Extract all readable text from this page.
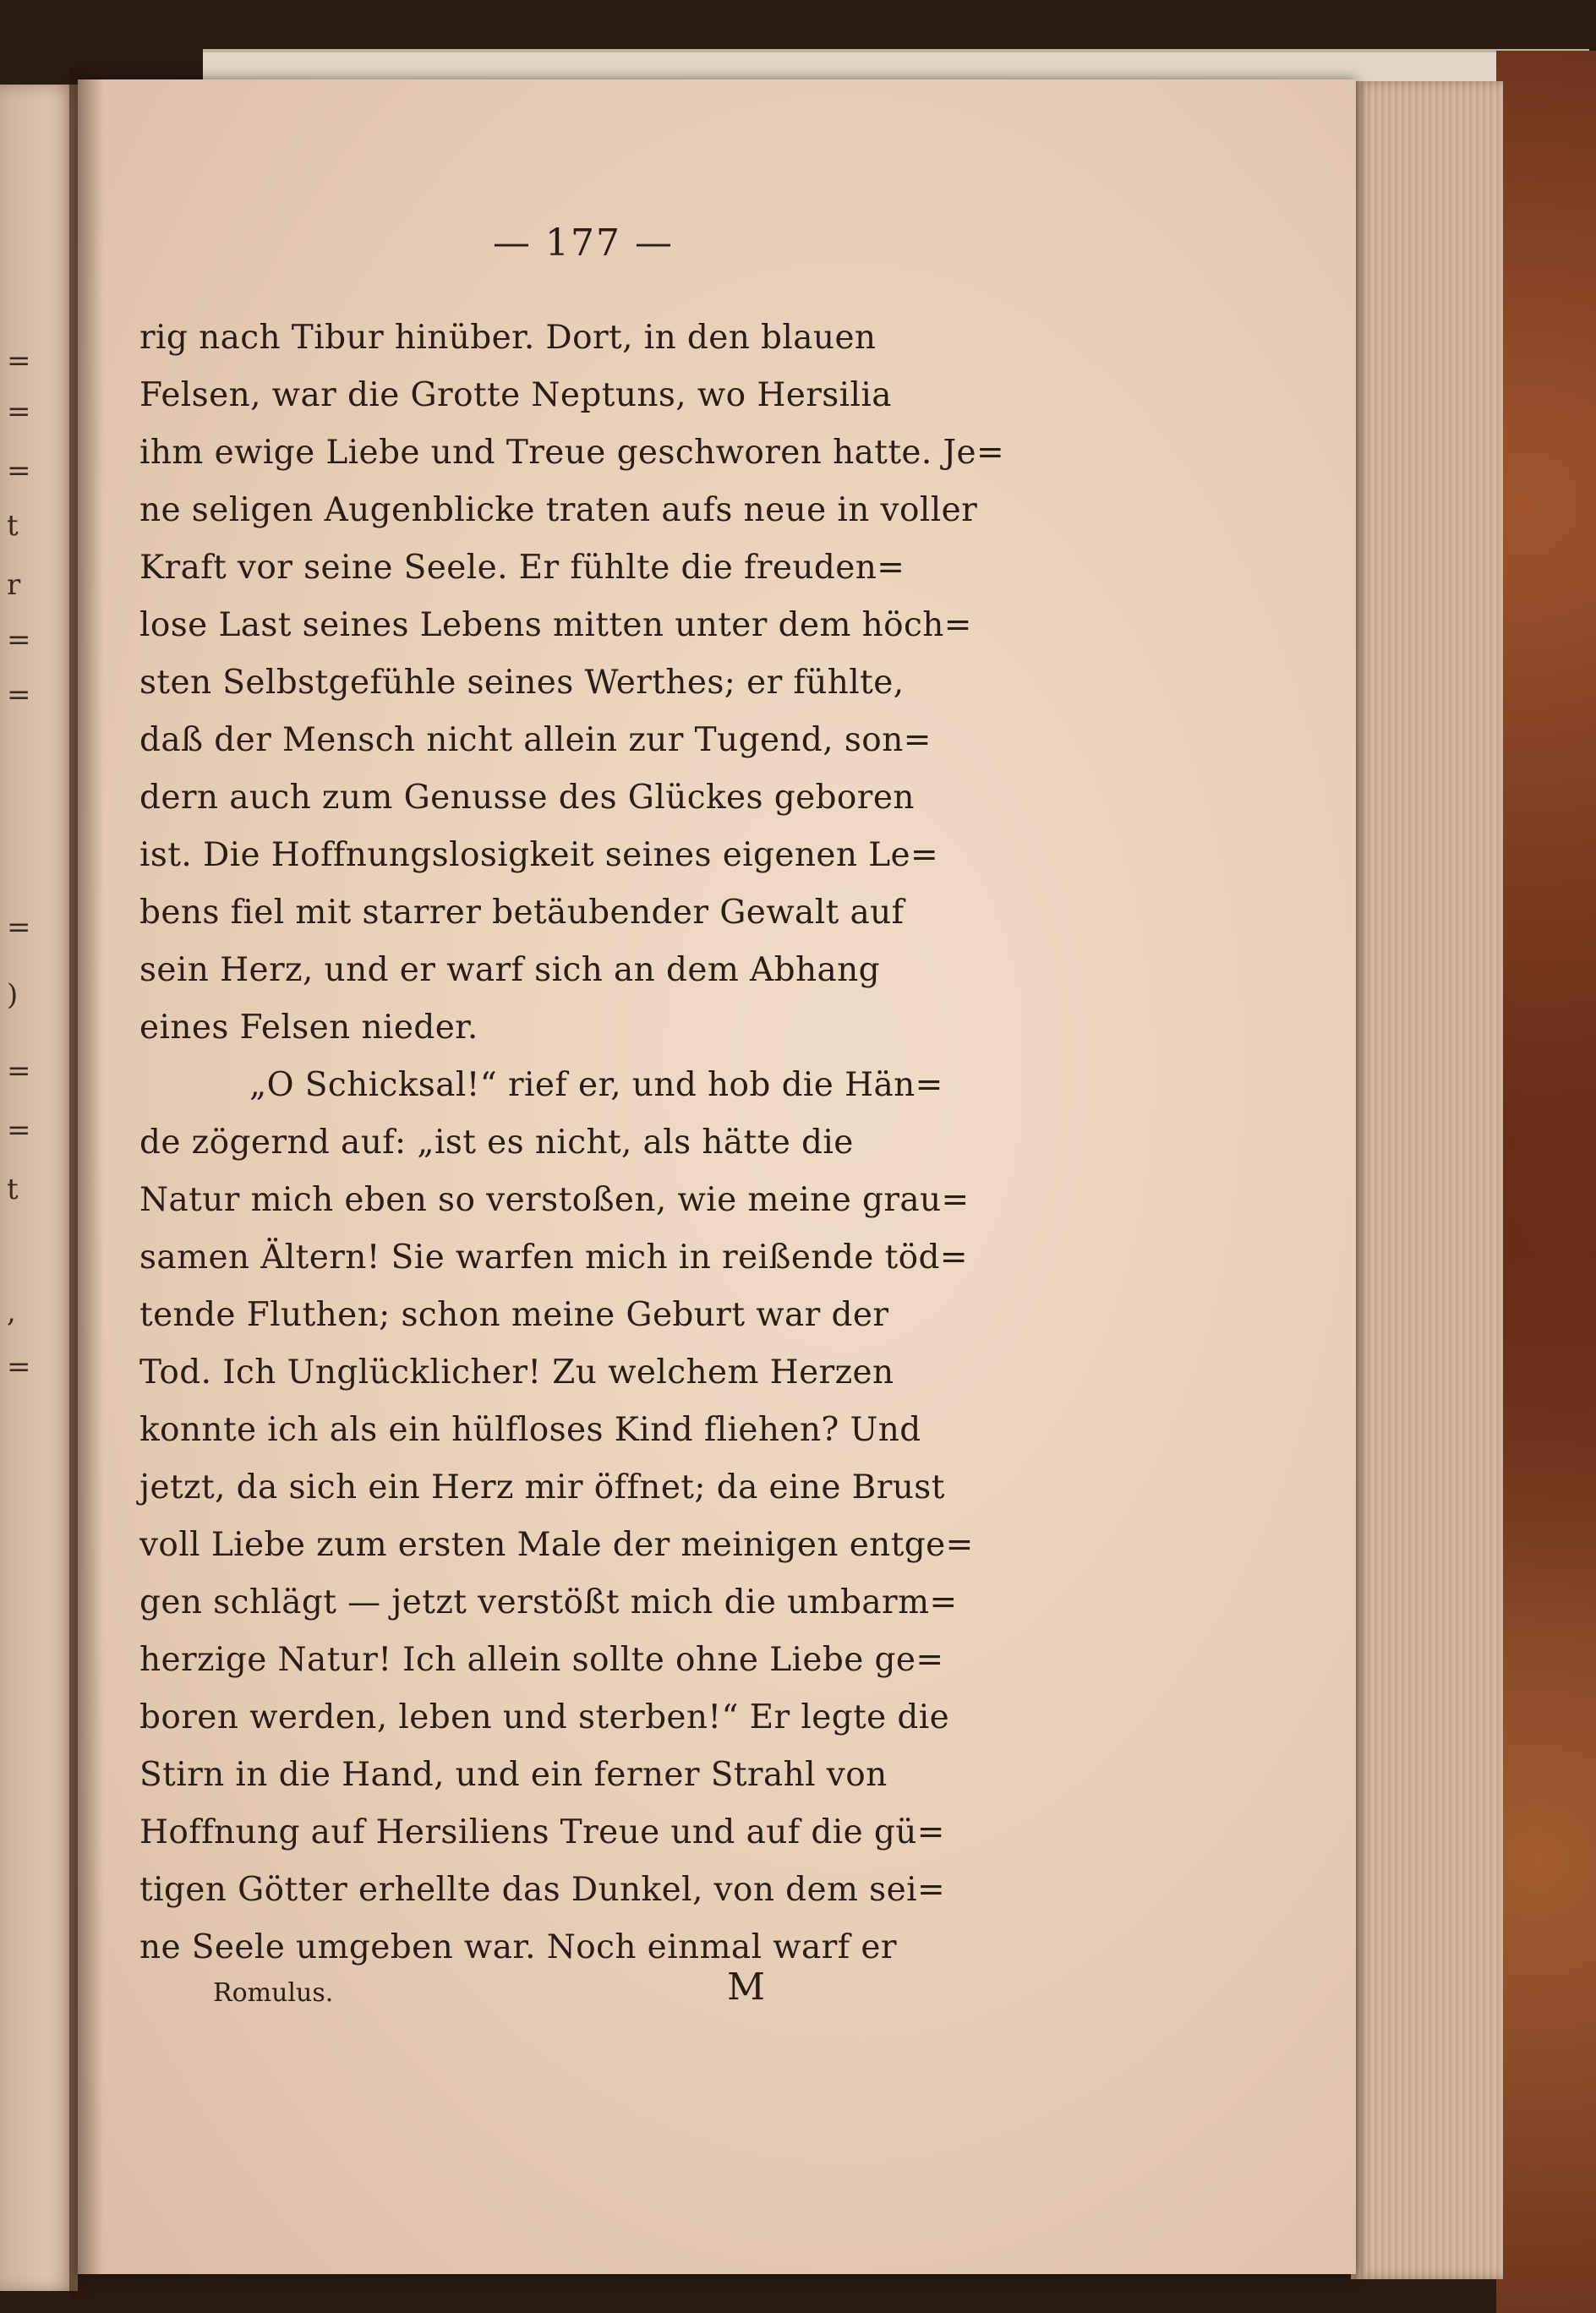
=
=
=
t
r
=
=
=
)
=
=
t
,
=
— 177 —
rig nach Tibur hinüber. Dort, in den blauen
Felsen, war die Grotte Neptuns, wo Hersilia
ihm ewige Liebe und Treue geschworen hatte. Je=
ne seligen Augenblicke traten aufs neue in voller
Kraft vor seine Seele. Er fühlte die freuden=
lose Last seines Lebens mitten unter dem höch=
sten Selbstgefühle seines Werthes; er fühlte,
daß der Mensch nicht allein zur Tugend, son=
dern auch zum Genusse des Glückes geboren
ist. Die Hoffnungslosigkeit seines eigenen Le=
bens fiel mit starrer betäubender Gewalt auf
sein Herz, und er warf sich an dem Abhang
eines Felsen nieder.
„O Schicksal!“ rief er, und hob die Hän=
de zögernd auf: „ist es nicht, als hätte die
Natur mich eben so verstoßen, wie meine grau=
samen Ältern! Sie warfen mich in reißende töd=
tende Fluthen; schon meine Geburt war der
Tod. Ich Unglücklicher! Zu welchem Herzen
konnte ich als ein hülfloses Kind fliehen? Und
jetzt, da sich ein Herz mir öffnet; da eine Brust
voll Liebe zum ersten Male der meinigen entge=
gen schlägt — jetzt verstößt mich die umbarm=
herzige Natur! Ich allein sollte ohne Liebe ge=
boren werden, leben und sterben!“ Er legte die
Stirn in die Hand, und ein ferner Strahl von
Hoffnung auf Hersiliens Treue und auf die gü=
tigen Götter erhellte das Dunkel, von dem sei=
ne Seele umgeben war. Noch einmal warf er
Romulus.	M
